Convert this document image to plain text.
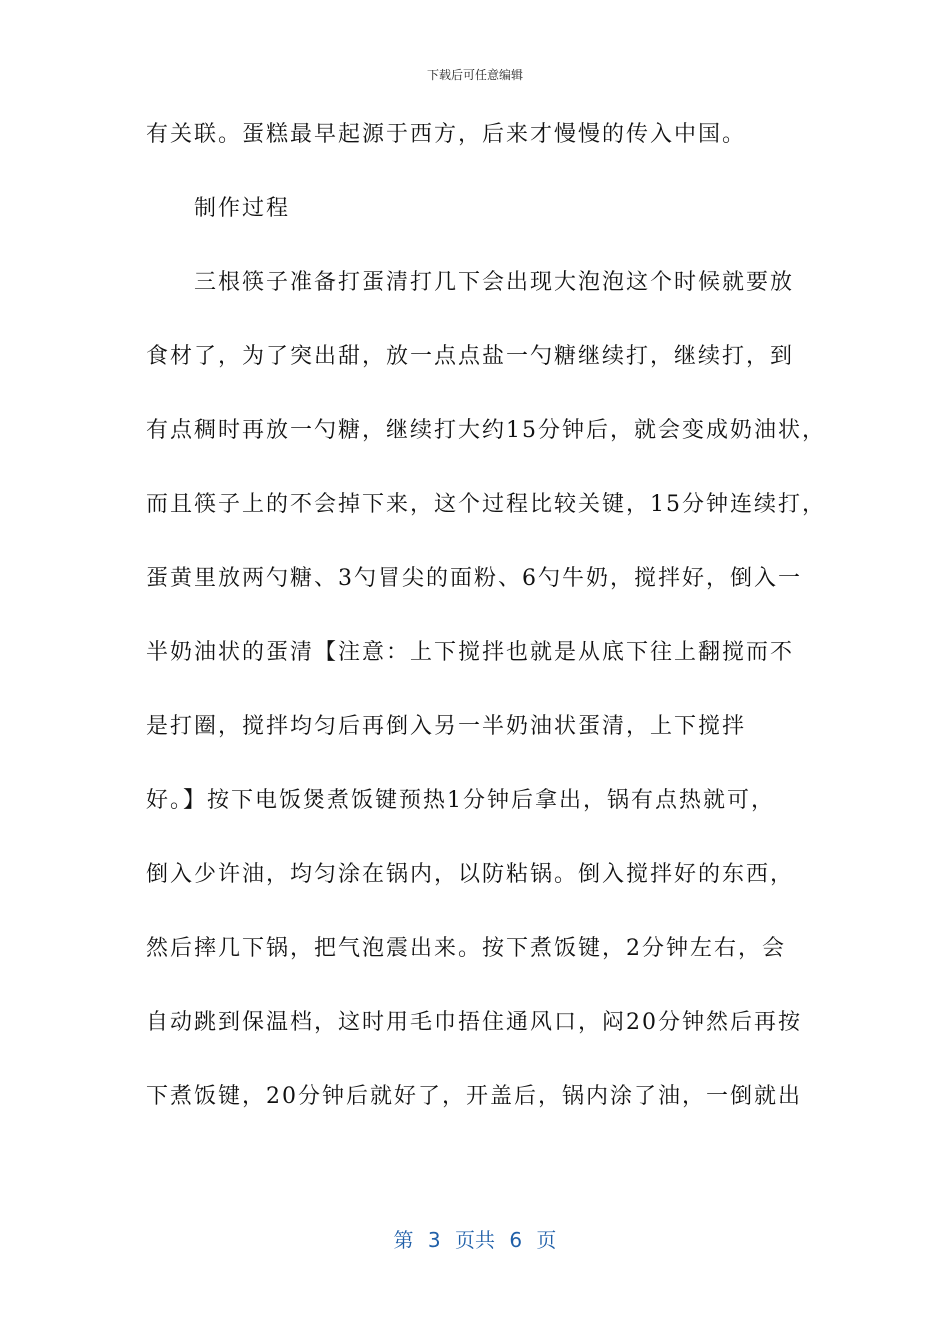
下载后可任意编辑
有关联。蛋糕最早起源于西方，后来才慢慢的传入中国。
制作过程
三根筷子准备打蛋清打几下会出现大泡泡这个时候就要放
食材了，为了突出甜，放一点点盐一勺糖继续打，继续打，到
有点稠时再放一勺糖，继续打大约15分钟后，就会变成奶油状，
而且筷子上的不会掉下来，这个过程比较关键，15分钟连续打，
蛋黄里放两勺糖、3勺冒尖的面粉、6勺牛奶，搅拌好，倒入一
半奶油状的蛋清【注意：上下搅拌也就是从底下往上翻搅而不
是打圈，搅拌均匀后再倒入另一半奶油状蛋清，上下搅拌
好。】按下电饭煲煮饭键预热1分钟后拿出，锅有点热就可，
倒入少许油，均匀涂在锅内，以防粘锅。倒入搅拌好的东西，
然后摔几下锅，把气泡震出来。按下煮饭键，2分钟左右，会
自动跳到保温档，这时用毛巾捂住通风口，闷20分钟然后再按
下煮饭键，20分钟后就好了，开盖后，锅内涂了油，一倒就出
第 3 页共 6 页
